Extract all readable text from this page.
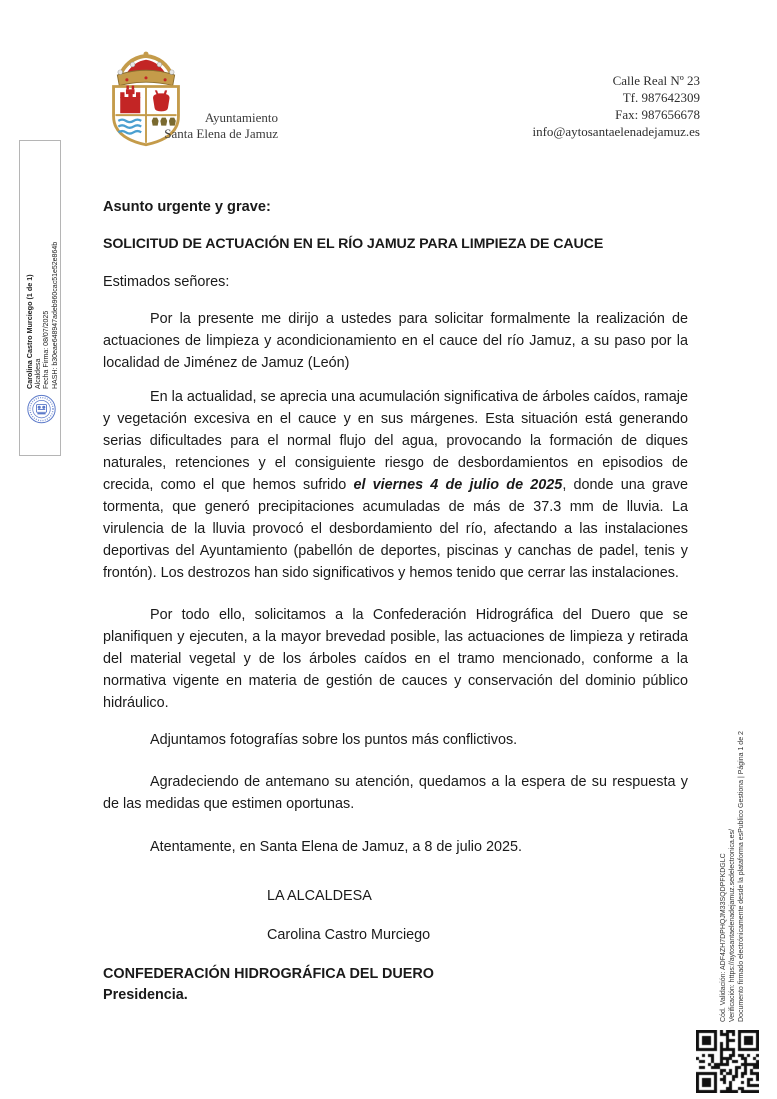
Ayuntamiento
Santa Elena de Jamuz
Calle Real Nº 23
Tf. 987642309
Fax: 987656678
info@aytosantaelenadejamuz.es
Carolina Castro Murciego (1 de 1) Alcaldesa Fecha Firma: 08/07/2025 HASH: b30eae648947adeb960cac51e52e864b
Cód. Validación: ADF4ZH7DPHQJM33SQDPFKDGLC Verificación: https://aytosantaelenadejamuz.sedelectronica.es/ Documento firmado electrónicamente desde la plataforma esPublico Gestiona | Página 1 de 2
Asunto urgente y grave:
SOLICITUD DE ACTUACIÓN EN EL RÍO JAMUZ PARA LIMPIEZA DE CAUCE
Estimados señores:

Por la presente me dirijo a ustedes para solicitar formalmente la realización de actuaciones de limpieza y acondicionamiento en el cauce del río Jamuz, a su paso por la localidad de Jiménez de Jamuz (León)

En la actualidad, se aprecia una acumulación significativa de árboles caídos, ramaje y vegetación excesiva en el cauce y en sus márgenes. Esta situación está generando serias dificultades para el normal flujo del agua, provocando la formación de diques naturales, retenciones y el consiguiente riesgo de desbordamientos en episodios de crecida, como el que hemos sufrido el viernes 4 de julio de 2025, donde una grave tormenta, que generó precipitaciones acumuladas de más de 37.3 mm de lluvia. La virulencia de la lluvia provocó el desbordamiento del río, afectando a las instalaciones deportivas del Ayuntamiento (pabellón de deportes, piscinas y canchas de padel, tenis y frontón). Los destrozos han sido significativos y hemos tenido que cerrar las instalaciones.

Por todo ello, solicitamos a la Confederación Hidrográfica del Duero que se planifiquen y ejecuten, a la mayor brevedad posible, las actuaciones de limpieza y retirada del material vegetal y de los árboles caídos en el tramo mencionado, conforme a la normativa vigente en materia de gestión de cauces y conservación del dominio público hidráulico.

Adjuntamos fotografías sobre los puntos más conflictivos.

Agradeciendo de antemano su atención, quedamos a la espera de su respuesta y de las medidas que estimen oportunas.

Atentamente, en Santa Elena de Jamuz, a 8 de julio 2025.

LA ALCALDESA
Carolina Castro Murciego
CONFEDERACIÓN HIDROGRÁFICA DEL DUERO
Presidencia.
